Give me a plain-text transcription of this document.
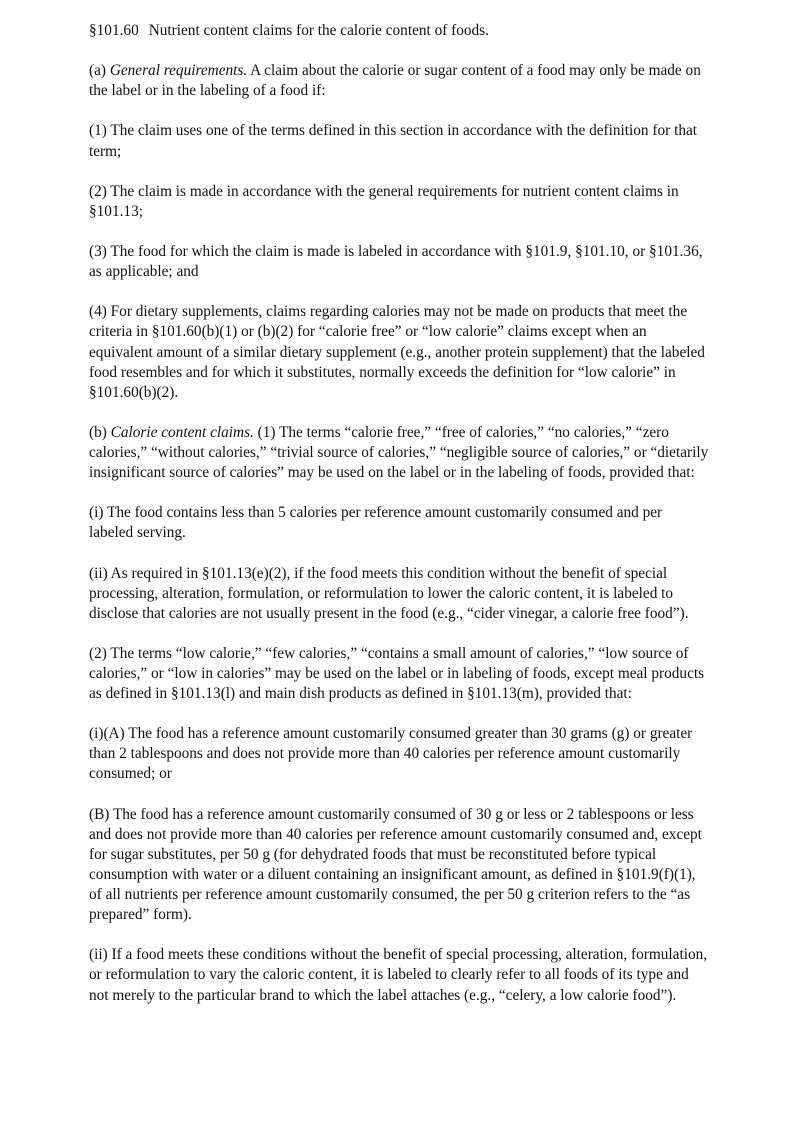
§101.60 Nutrient content claims for the calorie content of foods.

(a) General requirements. A claim about the calorie or sugar content of a food may only be made on the label or in the labeling of a food if:

(1) The claim uses one of the terms defined in this section in accordance with the definition for that term;

(2) The claim is made in accordance with the general requirements for nutrient content claims in §101.13;

(3) The food for which the claim is made is labeled in accordance with §101.9, §101.10, or §101.36, as applicable; and

(4) For dietary supplements, claims regarding calories may not be made on products that meet the criteria in §101.60(b)(1) or (b)(2) for “calorie free” or “low calorie” claims except when an equivalent amount of a similar dietary supplement (e.g., another protein supplement) that the labeled food resembles and for which it substitutes, normally exceeds the definition for “low calorie” in §101.60(b)(2).

(b) Calorie content claims. (1) The terms “calorie free,” “free of calories,” “no calories,” “zero calories,” “without calories,” “trivial source of calories,” “negligible source of calories,” or “dietarily insignificant source of calories” may be used on the label or in the labeling of foods, provided that:

(i) The food contains less than 5 calories per reference amount customarily consumed and per labeled serving.

(ii) As required in §101.13(e)(2), if the food meets this condition without the benefit of special processing, alteration, formulation, or reformulation to lower the caloric content, it is labeled to disclose that calories are not usually present in the food (e.g., “cider vinegar, a calorie free food”).

(2) The terms “low calorie,” “few calories,” “contains a small amount of calories,” “low source of calories,” or “low in calories” may be used on the label or in labeling of foods, except meal products as defined in §101.13(l) and main dish products as defined in §101.13(m), provided that:

(i)(A) The food has a reference amount customarily consumed greater than 30 grams (g) or greater than 2 tablespoons and does not provide more than 40 calories per reference amount customarily consumed; or

(B) The food has a reference amount customarily consumed of 30 g or less or 2 tablespoons or less and does not provide more than 40 calories per reference amount customarily consumed and, except for sugar substitutes, per 50 g (for dehydrated foods that must be reconstituted before typical consumption with water or a diluent containing an insignificant amount, as defined in §101.9(f)(1), of all nutrients per reference amount customarily consumed, the per 50 g criterion refers to the “as prepared” form).

(ii) If a food meets these conditions without the benefit of special processing, alteration, formulation, or reformulation to vary the caloric content, it is labeled to clearly refer to all foods of its type and not merely to the particular brand to which the label attaches (e.g., “celery, a low calorie food”).
